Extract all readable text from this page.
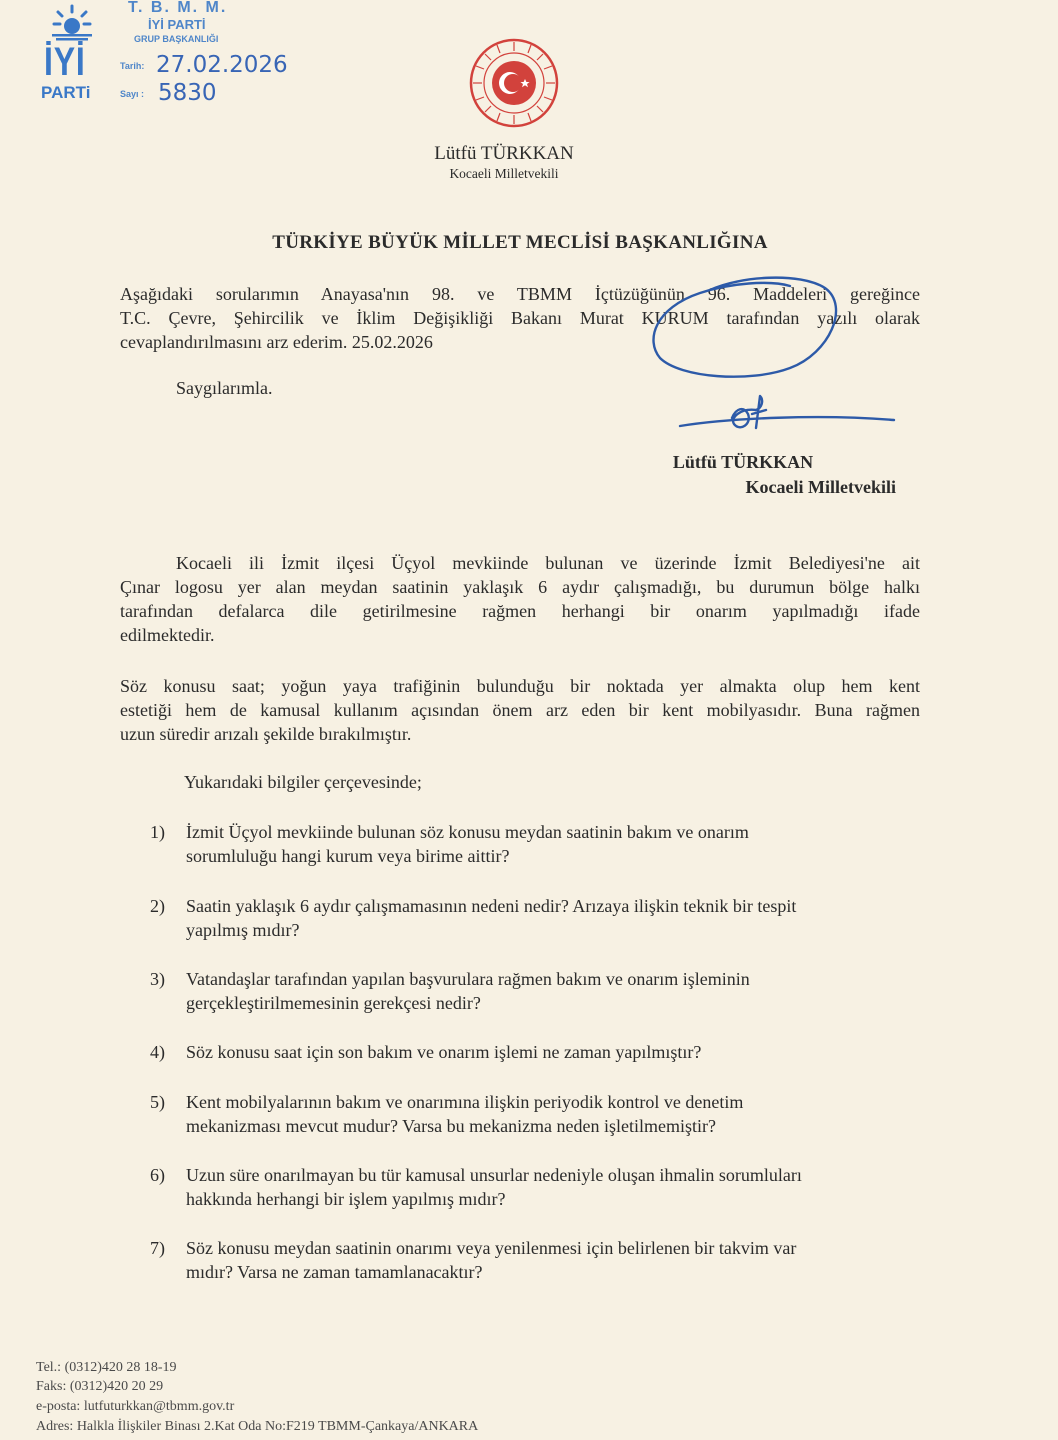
İYİ
PARTi
T. B. M. M.
İYİ PARTİ
GRUP BAŞKANLIĞI
Tarih: 27.02.2026
Sayı : 5830
Lütfü TÜRKKAN
Kocaeli Milletvekili
TÜRKİYE BÜYÜK MİLLET MECLİSİ BAŞKANLIĞINA
Aşağıdaki sorularımın Anayasa'nın 98. ve TBMM İçtüzüğünün 96. Maddeleri gereğince
T.C. Çevre, Şehircilik ve İklim Değişikliği Bakanı Murat KURUM tarafından yazılı olarak
cevaplandırılmasını arz ederim. 25.02.2026
Saygılarımla.
Lütfü TÜRKKAN
Kocaeli Milletvekili
Kocaeli ili İzmit ilçesi Üçyol mevkiinde bulunan ve üzerinde İzmit Belediyesi'ne ait
Çınar logosu yer alan meydan saatinin yaklaşık 6 aydır çalışmadığı, bu durumun bölge halkı
tarafından defalarca dile getirilmesine rağmen herhangi bir onarım yapılmadığı ifade
edilmektedir.
Söz konusu saat; yoğun yaya trafiğinin bulunduğu bir noktada yer almakta olup hem kent
estetiği hem de kamusal kullanım açısından önem arz eden bir kent mobilyasıdır. Buna rağmen
uzun süredir arızalı şekilde bırakılmıştır.
Yukarıdaki bilgiler çerçevesinde;
1) İzmit Üçyol mevkiinde bulunan söz konusu meydan saatinin bakım ve onarım
sorumluluğu hangi kurum veya birime aittir?
2) Saatin yaklaşık 6 aydır çalışmamasının nedeni nedir? Arızaya ilişkin teknik bir tespit
yapılmış mıdır?
3) Vatandaşlar tarafından yapılan başvurulara rağmen bakım ve onarım işleminin
gerçekleştirilmemesinin gerekçesi nedir?
4) Söz konusu saat için son bakım ve onarım işlemi ne zaman yapılmıştır?
5) Kent mobilyalarının bakım ve onarımına ilişkin periyodik kontrol ve denetim
mekanizması mevcut mudur? Varsa bu mekanizma neden işletilmemiştir?
6) Uzun süre onarılmayan bu tür kamusal unsurlar nedeniyle oluşan ihmalin sorumluları
hakkında herhangi bir işlem yapılmış mıdır?
7) Söz konusu meydan saatinin onarımı veya yenilenmesi için belirlenen bir takvim var
mıdır? Varsa ne zaman tamamlanacaktır?
Tel.: (0312)420 28 18-19
Faks: (0312)420 20 29
e-posta: lutfuturkkan@tbmm.gov.tr
Adres: Halkla İlişkiler Binası 2.Kat Oda No:F219 TBMM-Çankaya/ANKARA
